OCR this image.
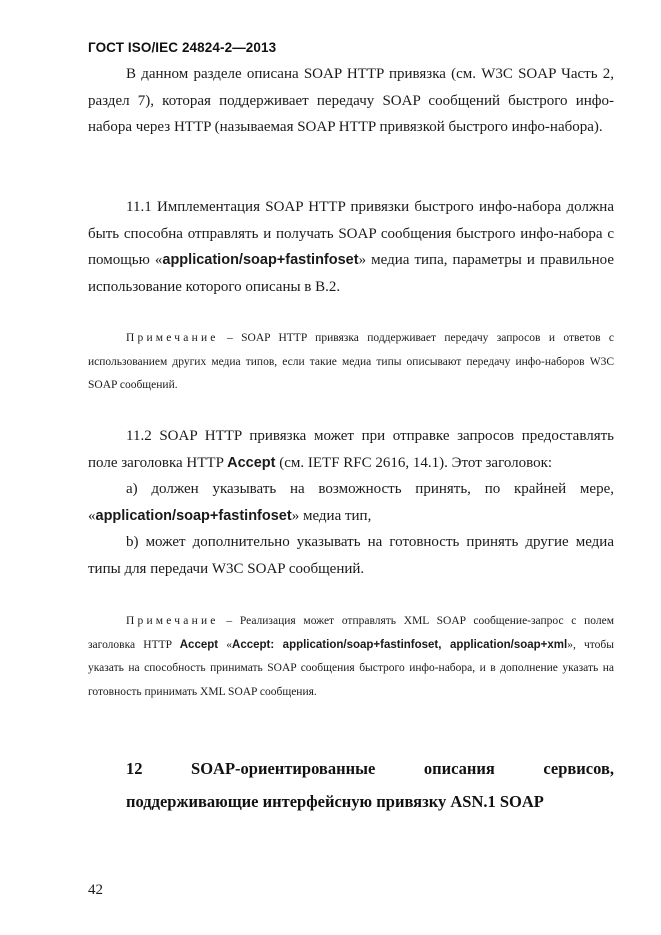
ГОСТ ISO/IEC 24824-2—2013

В данном разделе описана SOAP HTTP привязка (см. W3C SOAP Часть 2, раздел 7), которая поддерживает передачу SOAP сообщений быстрого инфо-набора через HTTP (называемая SOAP HTTP привязкой быстрого инфо-набора).

11.1 Имплементация SOAP HTTP привязки быстрого инфо-набора должна быть способна отправлять и получать SOAP сообщения быстрого инфо-набора с помощью «application/soap+fastinfoset» медиа типа, параметры и правильное использование которого описаны в В.2.

Примечание – SOAP HTTP привязка поддерживает передачу запросов и ответов с использованием других медиа типов, если такие медиа типы описывают передачу инфо-наборов W3C SOAP сообщений.

11.2 SOAP HTTP привязка может при отправке запросов предоставлять поле заголовка HTTP Accept (см. IETF RFC 2616, 14.1). Этот заголовок:

а) должен указывать на возможность принять, по крайней мере, «application/soap+fastinfoset» медиа тип,

b) может дополнительно указывать на готовность принять другие медиа типы для передачи W3C SOAP сообщений.

Примечание – Реализация может отправлять XML SOAP сообщение-запрос с полем заголовка HTTP Accept «Accept: application/soap+fastinfoset, application/soap+xml», чтобы указать на способность принимать SOAP сообщения быстрого инфо-набора, и в дополнение указать на готовность принимать XML SOAP сообщения.

12	SOAP-ориентированные	описания	сервисов,
поддерживающие интерфейсную привязку ASN.1 SOAP
42
